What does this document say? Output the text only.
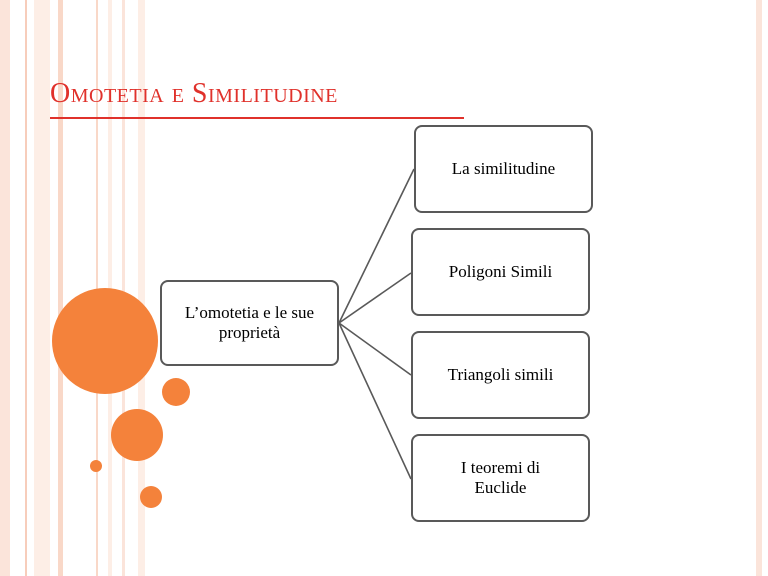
Omotetia e Similitudine
L’omotetia e le sue proprietà
La similitudine
Poligoni Simili
Triangoli simili
I teoremi di Euclide
